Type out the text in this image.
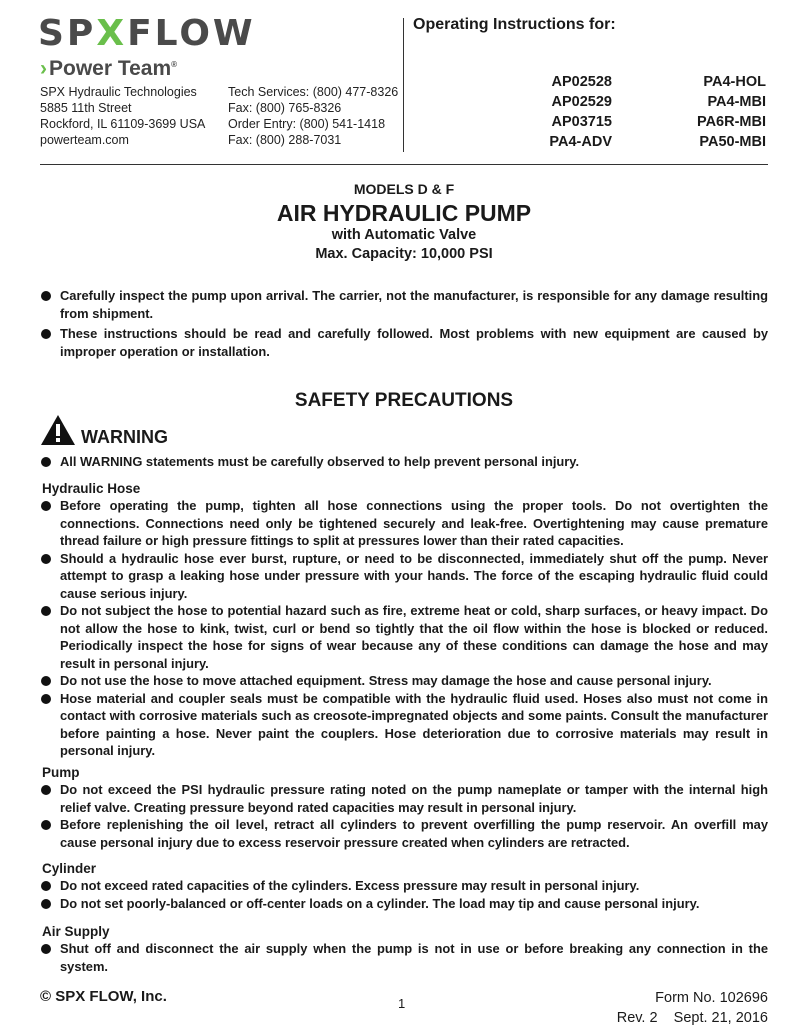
SPXFLOW
›Power Team®
SPX Hydraulic Technologies
5885 11th Street
Rockford, IL 61109-3699 USA
powerteam.com
Tech Services: (800) 477-8326
Fax: (800) 765-8326
Order Entry: (800) 541-1418
Fax: (800) 288-7031
Operating Instructions for:
AP02528
AP02529
AP03715
PA4-ADV
PA4-HOL
PA4-MBI
PA6R-MBI
PA50-MBI
MODELS D & F
AIR HYDRAULIC PUMP
with Automatic Valve
Max. Capacity: 10,000 PSI
Carefully inspect the pump upon arrival. The carrier, not the manufacturer, is responsible for any damage resulting from shipment.
These instructions should be read and carefully followed. Most problems with new equipment are caused by improper operation or installation.
SAFETY PRECAUTIONS
WARNING
All WARNING statements must be carefully observed to help prevent personal injury.
Hydraulic Hose
Before operating the pump, tighten all hose connections using the proper tools. Do not overtighten the connections. Connections need only be tightened securely and leak-free. Overtightening may cause premature thread failure or high pressure fittings to split at pressures lower than their rated capacities.
Should a hydraulic hose ever burst, rupture, or need to be disconnected, immediately shut off the pump. Never attempt to grasp a leaking hose under pressure with your hands. The force of the escaping hydraulic fluid could cause serious injury.
Do not subject the hose to potential hazard such as fire, extreme heat or cold, sharp surfaces, or heavy impact. Do not allow the hose to kink, twist, curl or bend so tightly that the oil flow within the hose is blocked or reduced. Periodically inspect the hose for signs of wear because any of these conditions can damage the hose and may result in personal injury.
Do not use the hose to move attached equipment. Stress may damage the hose and cause personal injury.
Hose material and coupler seals must be compatible with the hydraulic fluid used. Hoses also must not come in contact with corrosive materials such as creosote-impregnated objects and some paints. Consult the manufacturer before painting a hose. Never paint the couplers. Hose deterioration due to corrosive materials may result in personal injury.
Pump
Do not exceed the PSI hydraulic pressure rating noted on the pump nameplate or tamper with the internal high relief valve. Creating pressure beyond rated capacities may result in personal injury.
Before replenishing the oil level, retract all cylinders to prevent overfilling the pump reservoir. An overfill may cause personal injury due to excess reservoir pressure created when cylinders are retracted.
Cylinder
Do not exceed rated capacities of the cylinders. Excess pressure may result in personal injury.
Do not set poorly-balanced or off-center loads on a cylinder. The load may tip and cause personal injury.
Air Supply
Shut off and disconnect the air supply when the pump is not in use or before breaking any connection in the system.
© SPX FLOW, Inc.	1	Form No. 102696
Rev. 2    Sept. 21, 2016
